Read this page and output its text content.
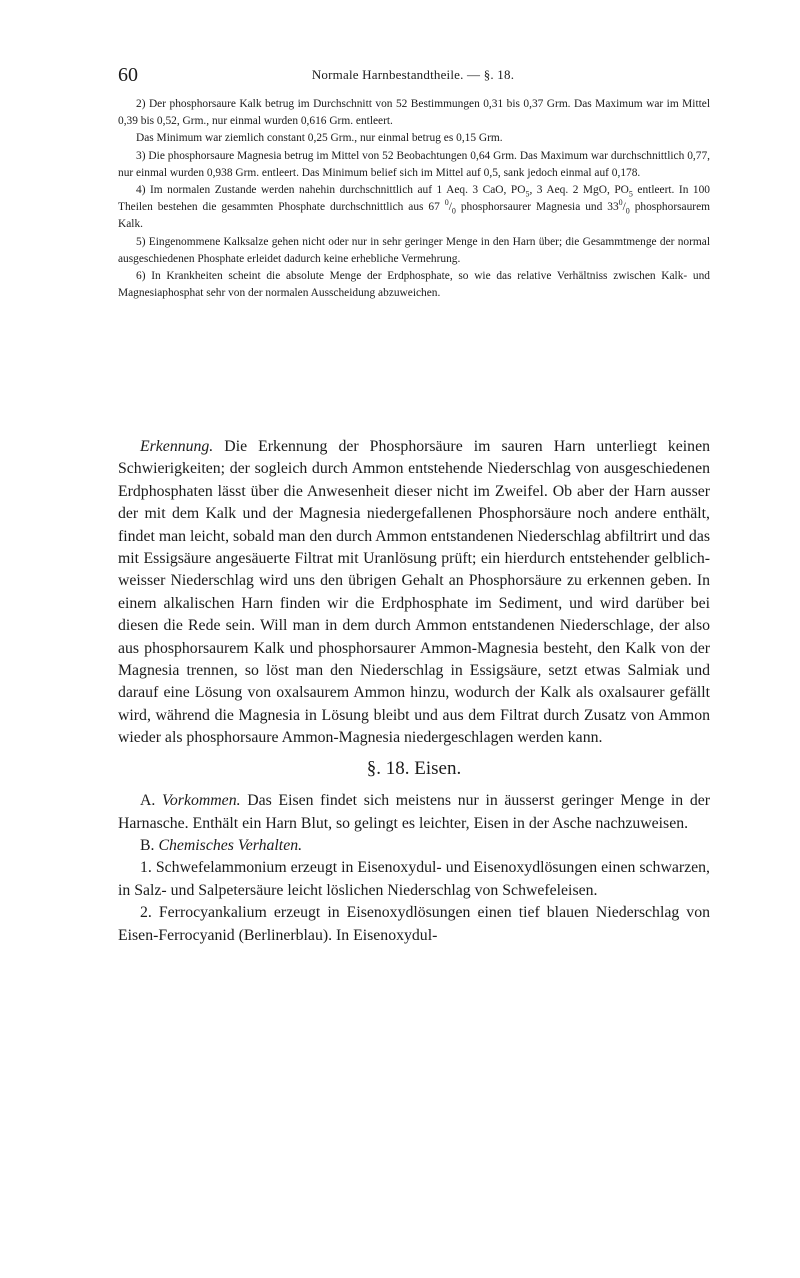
60	Normale Harnbestandtheile. — §. 18.

2) Der phosphorsaure Kalk betrug im Durchschnitt von 52 Bestimmungen 0,31 bis 0,37 Grm. Das Maximum war im Mittel 0,39 bis 0,52, Grm., nur einmal wurden 0,616 Grm. entleert.

Das Minimum war ziemlich constant 0,25 Grm., nur einmal betrug es 0,15 Grm.

3) Die phosphorsaure Magnesia betrug im Mittel von 52 Beobachtungen 0,64 Grm. Das Maximum war durchschnittlich 0,77, nur einmal wurden 0,938 Grm. entleert. Das Minimum belief sich im Mittel auf 0,5, sank jedoch einmal auf 0,178.

4) Im normalen Zustande werden nahehin durchschnittlich auf 1 Aeq. 3 CaO, $PO_5$, 3 Aeq. 2 MgO, $PO_5$ entleert. In 100 Theilen bestehen die gesammten Phosphate durchschnittlich aus 67 $^0/_0$ phosphorsaurer Magnesia und $33^0/_0$ phosphorsaurem Kalk.

5) Eingenommene Kalksalze gehen nicht oder nur in sehr geringer Menge in den Harn über; die Gesammtmenge der normal ausgeschiedenen Phosphate erleidet dadurch keine erhebliche Vermehrung.

6) In Krankheiten scheint die absolute Menge der Erdphosphate, so wie das relative Verhältniss zwischen Kalk- und Magnesiaphosphat sehr von der normalen Ausscheidung abzuweichen.

Erkennung. Die Erkennung der Phosphorsäure im sauren Harn unterliegt keinen Schwierigkeiten; der sogleich durch Ammon entstehende Niederschlag von ausgeschiedenen Erdphosphaten lässt über die Anwesenheit dieser nicht im Zweifel. Ob aber der Harn ausser der mit dem Kalk und der Magnesia niedergefallenen Phosphorsäure noch andere enthält, findet man leicht, sobald man den durch Ammon entstandenen Niederschlag abfiltrirt und das mit Essigsäure angesäuerte Filtrat mit Uranlösung prüft; ein hierdurch entstehender gelblich-weisser Niederschlag wird uns den übrigen Gehalt an Phosphorsäure zu erkennen geben. In einem alkalischen Harn finden wir die Erdphosphate im Sediment, und wird darüber bei diesen die Rede sein. Will man in dem durch Ammon entstandenen Niederschlage, der also aus phosphorsaurem Kalk und phosphorsaurer Ammon-Magnesia besteht, den Kalk von der Magnesia trennen, so löst man den Niederschlag in Essigsäure, setzt etwas Salmiak und darauf eine Lösung von oxalsaurem Ammon hinzu, wodurch der Kalk als oxalsaurer gefällt wird, während die Magnesia in Lösung bleibt und aus dem Filtrat durch Zusatz von Ammon wieder als phosphorsaure Ammon-Magnesia niedergeschlagen werden kann.

§. 18. Eisen.

A. Vorkommen. Das Eisen findet sich meistens nur in äusserst geringer Menge in der Harnasche. Enthält ein Harn Blut, so gelingt es leichter, Eisen in der Asche nachzuweisen.

B. Chemisches Verhalten.

1. Schwefelammonium erzeugt in Eisenoxydul- und Eisenoxydlösungen einen schwarzen, in Salz- und Salpetersäure leicht löslichen Niederschlag von Schwefeleisen.

2. Ferrocyankalium erzeugt in Eisenoxydlösungen einen tief blauen Niederschlag von Eisen-Ferrocyanid (Berlinerblau). In Eisenoxydul-
